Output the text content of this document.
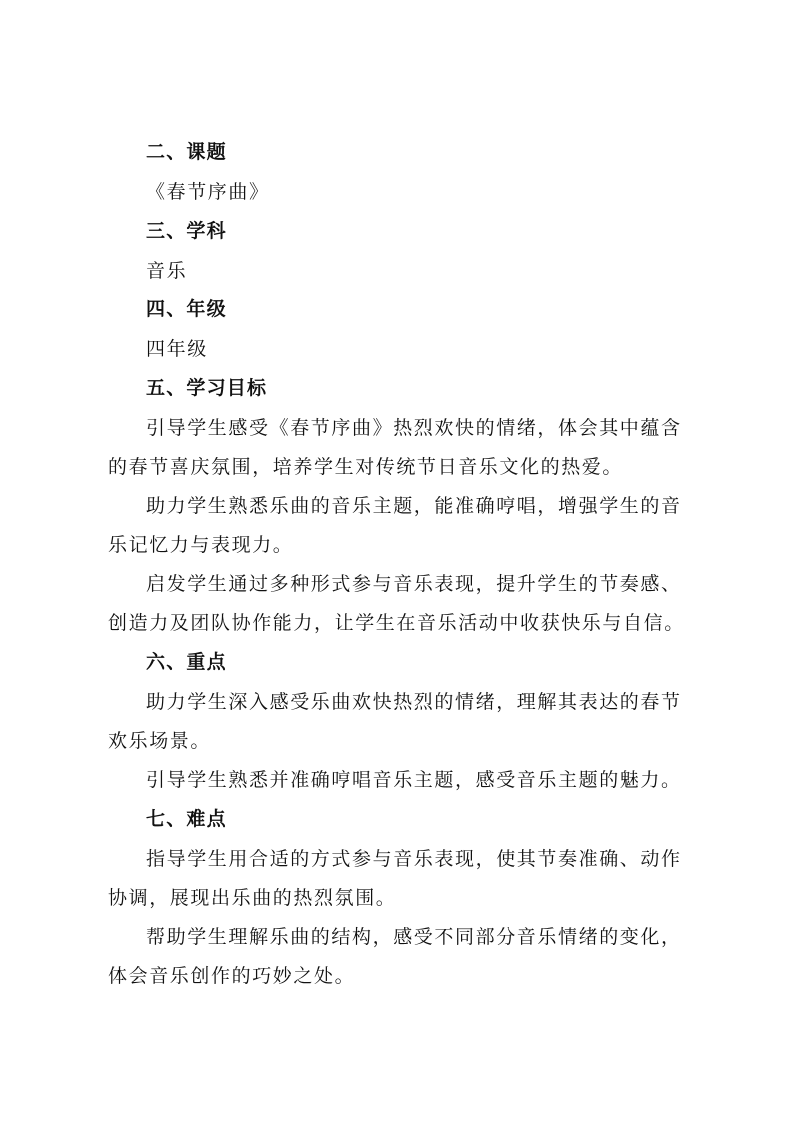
二、课题
《春节序曲》
三、学科
音乐
四、年级
四年级
五、学习目标
引导学生感受《春节序曲》热烈欢快的情绪，体会其中蕴含
的春节喜庆氛围，培养学生对传统节日音乐文化的热爱。
助力学生熟悉乐曲的音乐主题，能准确哼唱，增强学生的音
乐记忆力与表现力。
启发学生通过多种形式参与音乐表现，提升学生的节奏感、
创造力及团队协作能力，让学生在音乐活动中收获快乐与自信。
六、重点
助力学生深入感受乐曲欢快热烈的情绪，理解其表达的春节
欢乐场景。
引导学生熟悉并准确哼唱音乐主题，感受音乐主题的魅力。
七、难点
指导学生用合适的方式参与音乐表现，使其节奏准确、动作
协调，展现出乐曲的热烈氛围。
帮助学生理解乐曲的结构，感受不同部分音乐情绪的变化，
体会音乐创作的巧妙之处。
